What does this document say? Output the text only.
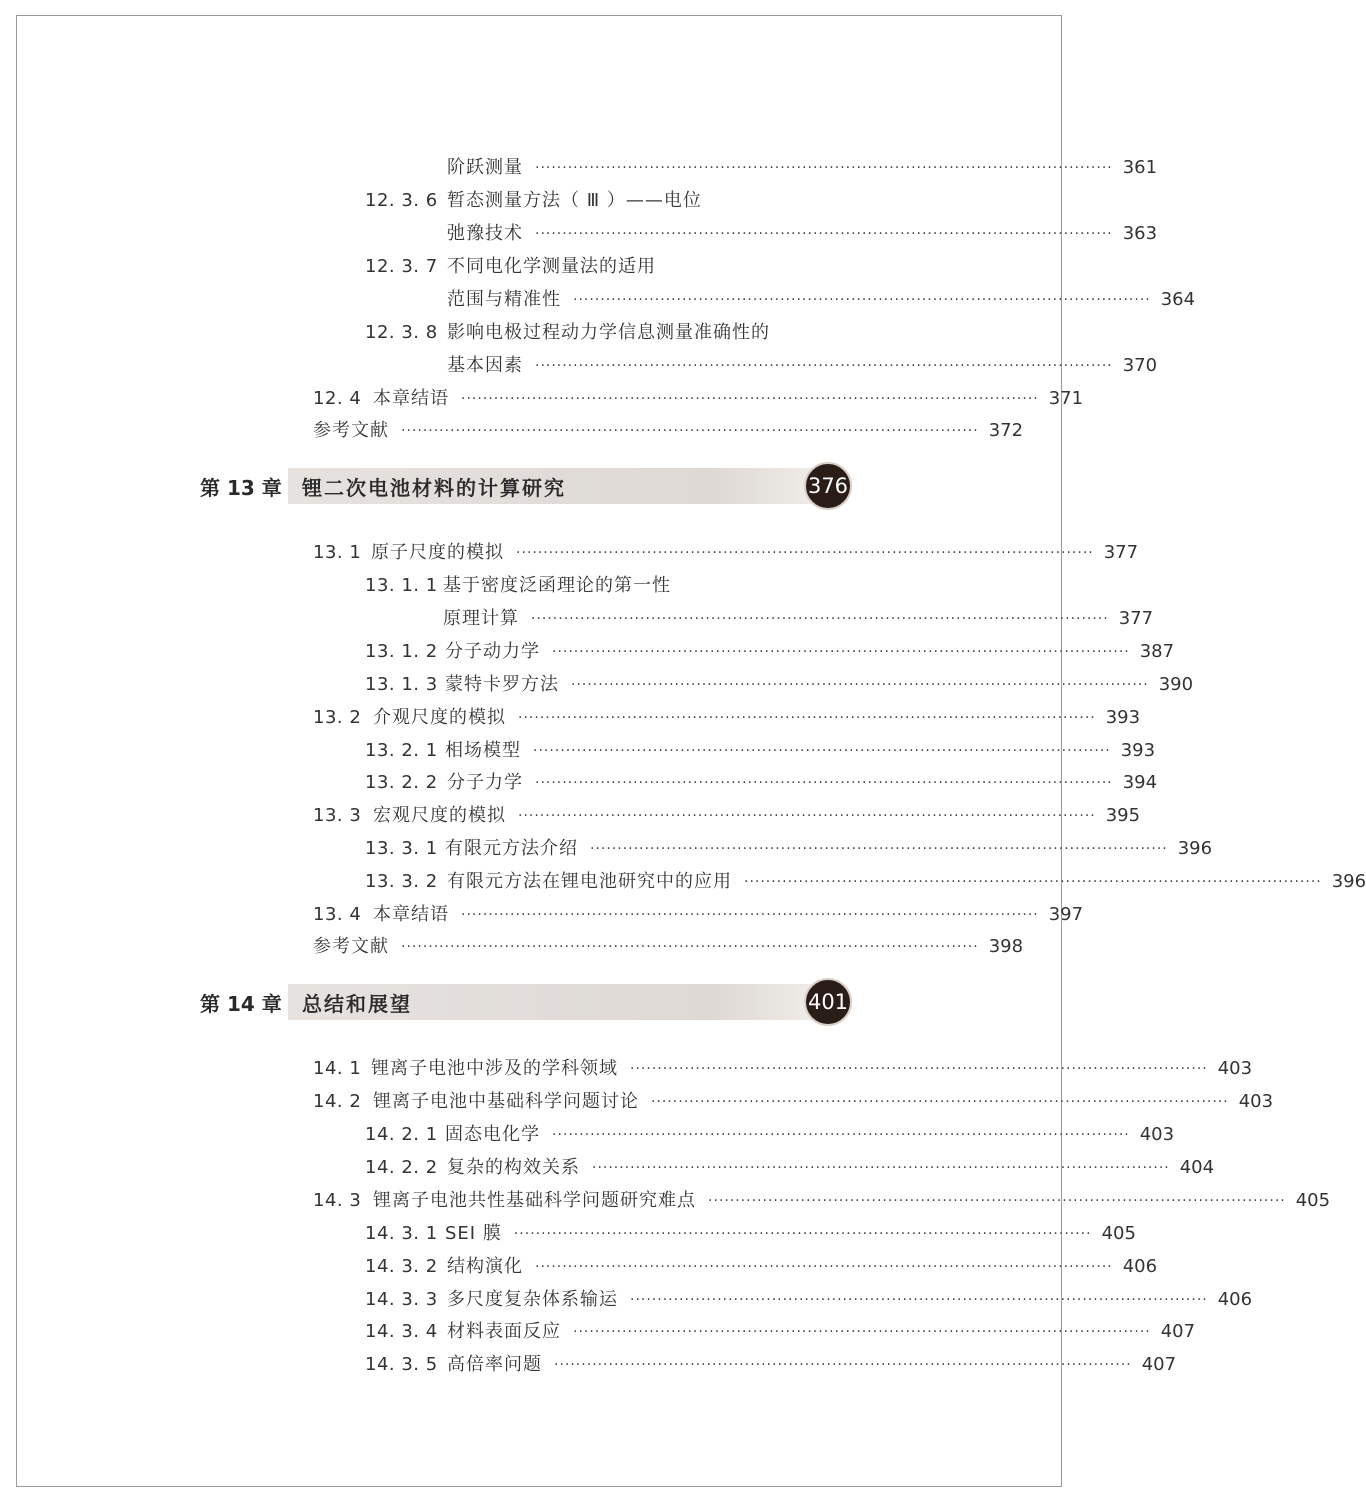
阶跃测量 ·········································································································· 361
12. 3. 6 暂态测量方法（ Ⅲ ）——电位
弛豫技术 ·········································································································· 363
12. 3. 7 不同电化学测量法的适用
范围与精准性 ·········································································································· 364
12. 3. 8 影响电极过程动力学信息测量准确性的
基本因素 ·········································································································· 370
12. 4 本章结语 ·········································································································· 371
参考文献 ·········································································································· 372
第 13 章 锂二次电池材料的计算研究	376
13. 1 原子尺度的模拟 ·········································································································· 377
13. 1. 1 基于密度泛函理论的第一性
原理计算 ·········································································································· 377
13. 1. 2 分子动力学 ·········································································································· 387
13. 1. 3 蒙特卡罗方法 ·········································································································· 390
13. 2 介观尺度的模拟 ·········································································································· 393
13. 2. 1 相场模型 ·········································································································· 393
13. 2. 2 分子力学 ·········································································································· 394
13. 3 宏观尺度的模拟 ·········································································································· 395
13. 3. 1 有限元方法介绍 ·········································································································· 396
13. 3. 2 有限元方法在锂电池研究中的应用 ·········································································································· 396
13. 4 本章结语 ·········································································································· 397
参考文献 ·········································································································· 398
第 14 章 总结和展望	401
14. 1 锂离子电池中涉及的学科领域 ·········································································································· 403
14. 2 锂离子电池中基础科学问题讨论 ·········································································································· 403
14. 2. 1 固态电化学 ·········································································································· 403
14. 2. 2 复杂的构效关系 ·········································································································· 404
14. 3 锂离子电池共性基础科学问题研究难点 ·········································································································· 405
14. 3. 1 SEI 膜 ·········································································································· 405
14. 3. 2 结构演化 ·········································································································· 406
14. 3. 3 多尺度复杂体系输运 ·········································································································· 406
14. 3. 4 材料表面反应 ·········································································································· 407
14. 3. 5 高倍率问题 ·········································································································· 407
